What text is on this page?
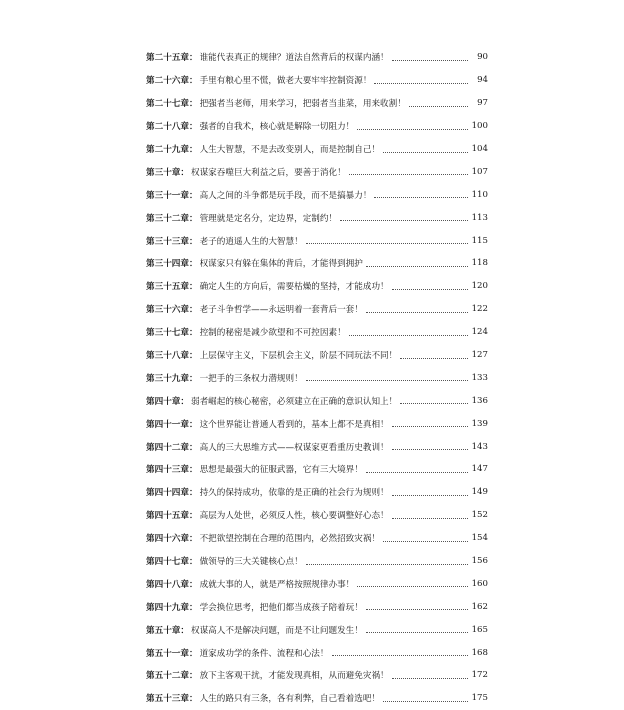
第二十五章： 谁能代表真正的规律？道法自然背后的权谋内涵！	90
第二十六章： 手里有粮心里不慌，做老大要牢牢控制资源！	94
第二十七章： 把强者当老师，用来学习，把弱者当韭菜，用来收割！	97
第二十八章： 强者的自我术，核心就是解除一切阻力！	100
第二十九章： 人生大智慧，不是去改变别人，而是控制自己！	104
第三十章： 权谋家吞噬巨大利益之后，要善于消化！	107
第三十一章： 高人之间的斗争都是玩手段，而不是搞暴力！	110
第三十二章： 管理就是定名分，定边界，定制约！	113
第三十三章： 老子的逍遥人生的大智慧！	115
第三十四章： 权谋家只有躲在集体的背后，才能得到拥护	118
第三十五章： 确定人生的方向后，需要枯燥的坚持，才能成功！	120
第三十六章： 老子斗争哲学——永远明着一套背后一套！	122
第三十七章： 控制的秘密是减少欲望和不可控因素！	124
第三十八章： 上层保守主义，下层机会主义，阶层不同玩法不同！	127
第三十九章： 一把手的三条权力潜规则！	133
第四十章： 弱者崛起的核心秘密，必须建立在正确的意识认知上！	136
第四十一章： 这个世界能让普通人看到的，基本上都不是真相！	139
第四十二章： 高人的三大思维方式——权谋家更看重历史教训！	143
第四十三章： 思想是最强大的征服武器，它有三大境界！	147
第四十四章： 持久的保持成功，依靠的是正确的社会行为规则！	149
第四十五章： 高层为人处世，必须反人性，核心要调整好心态！	152
第四十六章： 不把欲望控制在合理的范围内，必然招致灾祸！	154
第四十七章： 做领导的三大关键核心点！	156
第四十八章： 成就大事的人，就是严格按照规律办事！	160
第四十九章： 学会换位思考，把他们都当成孩子陪着玩！	162
第五十章： 权谋高人不是解决问题，而是不让问题发生！	165
第五十一章： 道家成功学的条件、流程和心法！	168
第五十二章： 放下主客观干扰，才能发现真相，从而避免灾祸！	172
第五十三章： 人生的路只有三条，各有利弊，自己看着选吧！	175
